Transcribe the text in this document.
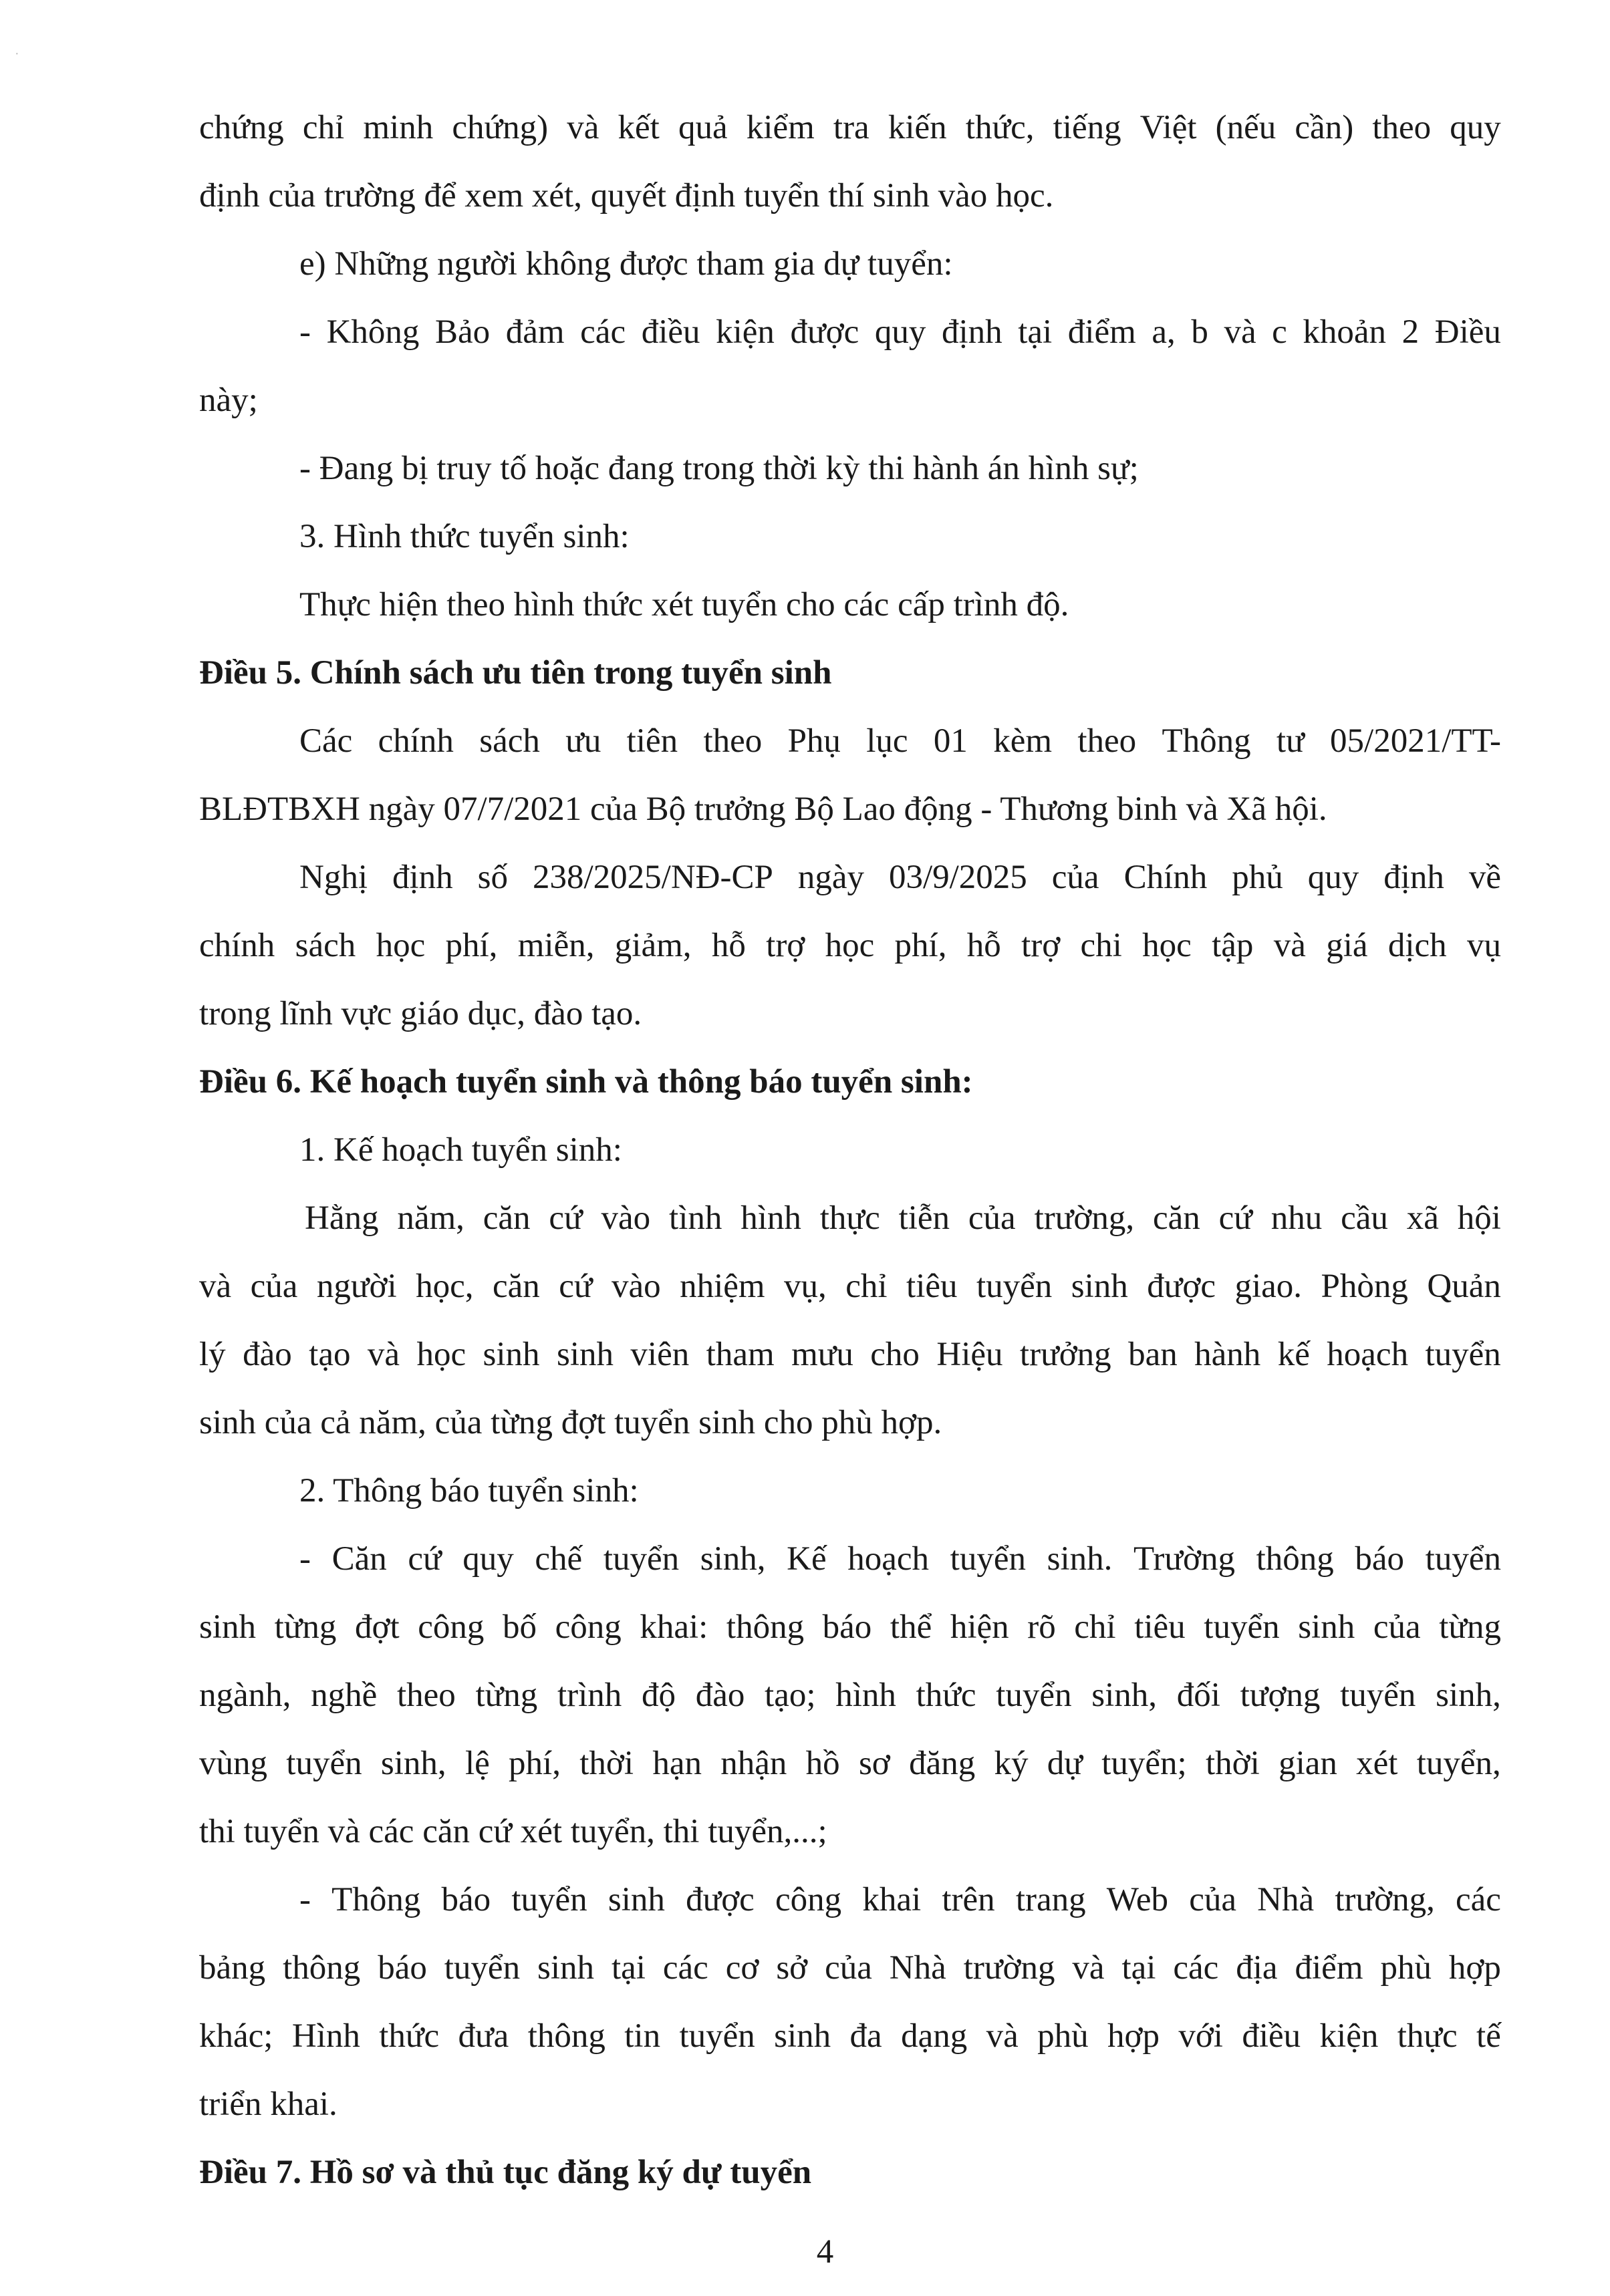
·
chứng chỉ minh chứng) và kết quả kiểm tra kiến thức, tiếng Việt (nếu cần) theo quy
định của trường để xem xét, quyết định tuyển thí sinh vào học.
e) Những người không được tham gia dự tuyển:
- Không Bảo đảm các điều kiện được quy định tại điểm a, b và c khoản 2 Điều
này;
- Đang bị truy tố hoặc đang trong thời kỳ thi hành án hình sự;
3. Hình thức tuyển sinh:
Thực hiện theo hình thức xét tuyển cho các cấp trình độ.
Điều 5. Chính sách ưu tiên trong tuyển sinh
Các chính sách ưu tiên theo Phụ lục 01 kèm theo Thông tư 05/2021/TT-
BLĐTBXH ngày 07/7/2021 của Bộ trưởng Bộ Lao động - Thương binh và Xã hội.
Nghị định số 238/2025/NĐ-CP ngày 03/9/2025 của Chính phủ quy định về
chính sách học phí, miễn, giảm, hỗ trợ học phí, hỗ trợ chi học tập và giá dịch vụ
trong lĩnh vực giáo dục, đào tạo.
Điều 6. Kế hoạch tuyển sinh và thông báo tuyển sinh:
1. Kế hoạch tuyển sinh:
Hằng năm, căn cứ vào tình hình thực tiễn của trường, căn cứ nhu cầu xã hội
và của người học, căn cứ vào nhiệm vụ, chỉ tiêu tuyển sinh được giao. Phòng Quản
lý đào tạo và học sinh sinh viên tham mưu cho Hiệu trưởng ban hành kế hoạch tuyển
sinh của cả năm, của từng đợt tuyển sinh cho phù hợp.
2. Thông báo tuyển sinh:
- Căn cứ quy chế tuyển sinh, Kế hoạch tuyển sinh. Trường thông báo tuyển
sinh từng đợt công bố công khai: thông báo thể hiện rõ chỉ tiêu tuyển sinh của từng
ngành, nghề theo từng trình độ đào tạo; hình thức tuyển sinh, đối tượng tuyển sinh,
vùng tuyển sinh, lệ phí, thời hạn nhận hồ sơ đăng ký dự tuyển; thời gian xét tuyển,
thi tuyển và các căn cứ xét tuyển, thi tuyển,...;
- Thông báo tuyển sinh được công khai trên trang Web của Nhà trường, các
bảng thông báo tuyển sinh tại các cơ sở của Nhà trường và tại các địa điểm phù hợp
khác; Hình thức đưa thông tin tuyển sinh đa dạng và phù hợp với điều kiện thực tế
triển khai.
Điều 7. Hồ sơ và thủ tục đăng ký dự tuyển
4
